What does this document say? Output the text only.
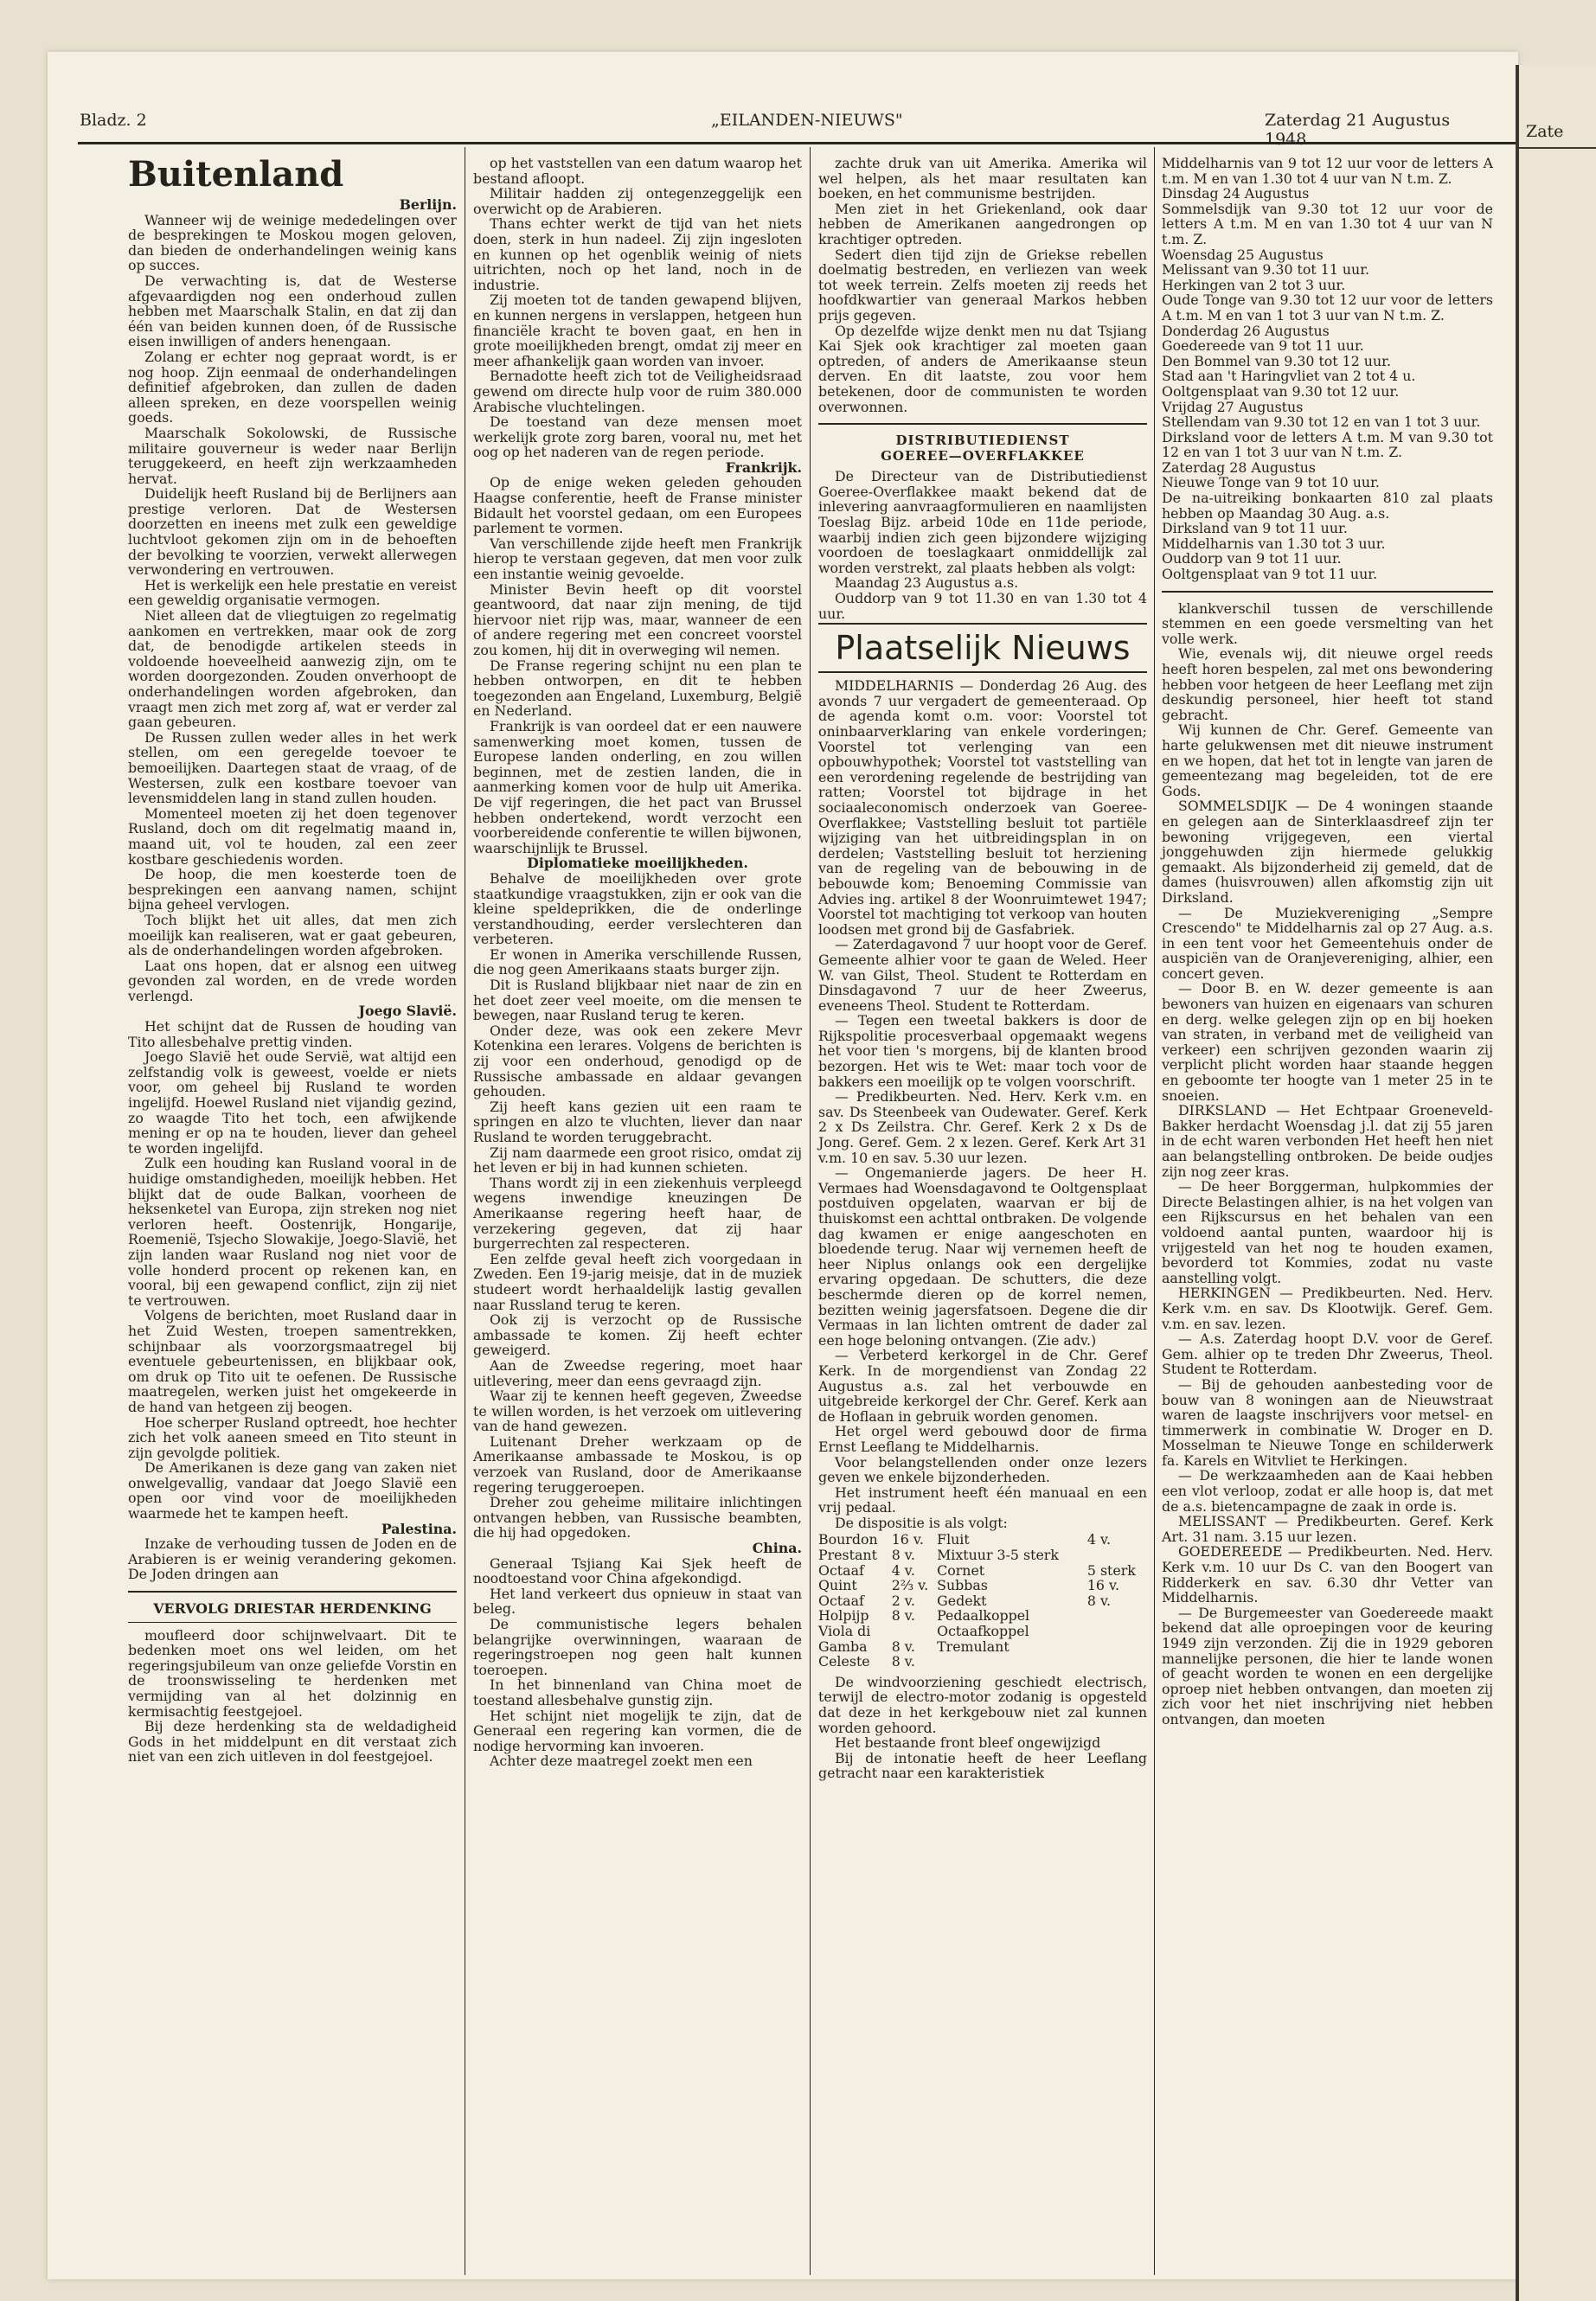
Zate
Bladz. 2	„EILANDEN-NIEUWS"	Zaterdag 21 Augustus 1948

Buitenland

Berlijn.

Wanneer wij de weinige mededelingen over de besprekingen te Moskou mogen geloven, dan bieden de onderhandelingen weinig kans op succes.

De verwachting is, dat de Westerse afgevaardigden nog een onderhoud zullen hebben met Maarschalk Stalin, en dat zij dan één van beiden kunnen doen, óf de Russische eisen inwilligen of anders henengaan.

Zolang er echter nog gepraat wordt, is er nog hoop. Zijn eenmaal de onderhandelingen definitief afgebroken, dan zullen de daden alleen spreken, en deze voorspellen weinig goeds.

Maarschalk Sokolowski, de Russische militaire gouverneur is weder naar Berlijn teruggekeerd, en heeft zijn werkzaamheden hervat.

Duidelijk heeft Rusland bij de Berlijners aan prestige verloren. Dat de Westersen doorzetten en ineens met zulk een geweldige luchtvloot gekomen zijn om in de behoeften der bevolking te voorzien, verwekt allerwegen verwondering en vertrouwen.

Het is werkelijk een hele prestatie en vereist een geweldig organisatie vermogen.

Niet alleen dat de vliegtuigen zo regelmatig aankomen en vertrekken, maar ook de zorg dat, de benodigde artikelen steeds in voldoende hoeveelheid aanwezig zijn, om te worden doorgezonden. Zouden onverhoopt de onderhandelingen worden afgebroken, dan vraagt men zich met zorg af, wat er verder zal gaan gebeuren.

De Russen zullen weder alles in het werk stellen, om een geregelde toevoer te bemoeilijken. Daartegen staat de vraag, of de Westersen, zulk een kostbare toevoer van levensmiddelen lang in stand zullen houden.

Momenteel moeten zij het doen tegenover Rusland, doch om dit regelmatig maand in, maand uit, vol te houden, zal een zeer kostbare geschiedenis worden.

De hoop, die men koesterde toen de besprekingen een aanvang namen, schijnt bijna geheel vervlogen.

Toch blijkt het uit alles, dat men zich moeilijk kan realiseren, wat er gaat gebeuren, als de onderhandelingen worden afgebroken.

Laat ons hopen, dat er alsnog een uitweg gevonden zal worden, en de vrede worden verlengd.

Joego Slavië.

Het schijnt dat de Russen de houding van Tito allesbehalve prettig vinden.

Joego Slavië het oude Servië, wat altijd een zelfstandig volk is geweest, voelde er niets voor, om geheel bij Rusland te worden ingelijfd. Hoewel Rusland niet vijandig gezind, zo waagde Tito het toch, een afwijkende mening er op na te houden, liever dan geheel te worden ingelijfd.

Zulk een houding kan Rusland vooral in de huidige omstandigheden, moeilijk hebben. Het blijkt dat de oude Balkan, voorheen de heksenketel van Europa, zijn streken nog niet verloren heeft. Oostenrijk, Hongarije, Roemenië, Tsjecho Slowakije, Joego-Slavië, het zijn landen waar Rusland nog niet voor de volle honderd procent op rekenen kan, en vooral, bij een gewapend conflict, zijn zij niet te vertrouwen.

Volgens de berichten, moet Rusland daar in het Zuid Westen, troepen samentrekken, schijnbaar als voorzorgsmaatregel bij eventuele gebeurtenissen, en blijkbaar ook, om druk op Tito uit te oefenen. De Russische maatregelen, werken juist het omgekeerde in de hand van hetgeen zij beogen.

Hoe scherper Rusland optreedt, hoe hechter zich het volk aaneen smeed en Tito steunt in zijn gevolgde politiek.

De Amerikanen is deze gang van zaken niet onwelgevallig, vandaar dat Joego Slavië een open oor vind voor de moeilijkheden waarmede het te kampen heeft.

Palestina.

Inzake de verhouding tussen de Joden en de Arabieren is er weinig verandering gekomen. De Joden dringen aan

VERVOLG DRIESTAR HERDENKING

moufleerd door schijnwelvaart. Dit te bedenken moet ons wel leiden, om het regeringsjubileum van onze geliefde Vorstin en de troonswisseling te herdenken met vermijding van al het dolzinnig en kermisachtig feestgejoel.

Bij deze herdenking sta de weldadigheid Gods in het middelpunt en dit verstaat zich niet van een zich uitleven in dol feestgejoel.

op het vaststellen van een datum waarop het bestand afloopt.

Militair hadden zij ontegenzeggelijk een overwicht op de Arabieren.

Thans echter werkt de tijd van het niets doen, sterk in hun nadeel. Zij zijn ingesloten en kunnen op het ogenblik weinig of niets uitrichten, noch op het land, noch in de industrie.

Zij moeten tot de tanden gewapend blijven, en kunnen nergens in verslappen, hetgeen hun financiële kracht te boven gaat, en hen in grote moeilijkheden brengt, omdat zij meer en meer afhankelijk gaan worden van invoer.

Bernadotte heeft zich tot de Veiligheidsraad gewend om directe hulp voor de ruim 380.000 Arabische vluchtelingen.

De toestand van deze mensen moet werkelijk grote zorg baren, vooral nu, met het oog op het naderen van de regen periode.

Frankrijk.

Op de enige weken geleden gehouden Haagse conferentie, heeft de Franse minister Bidault het voorstel gedaan, om een Europees parlement te vormen.

Van verschillende zijde heeft men Frankrijk hierop te verstaan gegeven, dat men voor zulk een instantie weinig gevoelde.

Minister Bevin heeft op dit voorstel geantwoord, dat naar zijn mening, de tijd hiervoor niet rijp was, maar, wanneer de een of andere regering met een concreet voorstel zou komen, hij dit in overweging wil nemen.

De Franse regering schijnt nu een plan te hebben ontworpen, en dit te hebben toegezonden aan Engeland, Luxemburg, België en Nederland.

Frankrijk is van oordeel dat er een nauwere samenwerking moet komen, tussen de Europese landen onderling, en zou willen beginnen, met de zestien landen, die in aanmerking komen voor de hulp uit Amerika. De vijf regeringen, die het pact van Brussel hebben ondertekend, wordt verzocht een voorbereidende conferentie te willen bijwonen, waarschijnlijk te Brussel.

Diplomatieke moeilijkheden.

Behalve de moeilijkheden over grote staatkundige vraagstukken, zijn er ook van die kleine speldeprikken, die de onderlinge verstandhouding, eerder verslechteren dan verbeteren.

Er wonen in Amerika verschillende Russen, die nog geen Amerikaans staats burger zijn.

Dit is Rusland blijkbaar niet naar de zin en het doet zeer veel moeite, om die mensen te bewegen, naar Rusland terug te keren.

Onder deze, was ook een zekere Mevr Kotenkina een lerares. Volgens de berichten is zij voor een onderhoud, genodigd op de Russische ambassade en aldaar gevangen gehouden.

Zij heeft kans gezien uit een raam te springen en alzo te vluchten, liever dan naar Rusland te worden teruggebracht.

Zij nam daarmede een groot risico, omdat zij het leven er bij in had kunnen schieten.

Thans wordt zij in een ziekenhuis verpleegd wegens inwendige kneuzingen De Amerikaanse regering heeft haar, de verzekering gegeven, dat zij haar burgerrechten zal respecteren.

Een zelfde geval heeft zich voorgedaan in Zweden. Een 19-jarig meisje, dat in de muziek studeert wordt herhaaldelijk lastig gevallen naar Russland terug te keren.

Ook zij is verzocht op de Russische ambassade te komen. Zij heeft echter geweigerd.

Aan de Zweedse regering, moet haar uitlevering, meer dan eens gevraagd zijn.

Waar zij te kennen heeft gegeven, Zweedse te willen worden, is het verzoek om uitlevering van de hand gewezen.

Luitenant Dreher werkzaam op de Amerikaanse ambassade te Moskou, is op verzoek van Rusland, door de Amerikaanse regering teruggeroepen.

Dreher zou geheime militaire inlichtingen ontvangen hebben, van Russische beambten, die hij had opgedoken.

China.

Generaal Tsjiang Kai Sjek heeft de noodtoestand voor China afgekondigd.

Het land verkeert dus opnieuw in staat van beleg.

De communistische legers behalen belangrijke overwinningen, waaraan de regeringstroepen nog geen halt kunnen toeroepen.

In het binnenland van China moet de toestand allesbehalve gunstig zijn.

Het schijnt niet mogelijk te zijn, dat de Generaal een regering kan vormen, die de nodige hervorming kan invoeren.

Achter deze maatregel zoekt men een

zachte druk van uit Amerika. Amerika wil wel helpen, als het maar resultaten kan boeken, en het communisme bestrijden.

Men ziet in het Griekenland, ook daar hebben de Amerikanen aangedrongen op krachtiger optreden.

Sedert dien tijd zijn de Griekse rebellen doelmatig bestreden, en verliezen van week tot week terrein. Zelfs moeten zij reeds het hoofdkwartier van generaal Markos hebben prijs gegeven.

Op dezelfde wijze denkt men nu dat Tsjiang Kai Sjek ook krachtiger zal moeten gaan optreden, of anders de Amerikaanse steun derven. En dit laatste, zou voor hem betekenen, door de communisten te worden overwonnen.

DISTRIBUTIEDIENST

GOEREE—OVERFLAKKEE

De Directeur van de Distributiedienst Goeree-Overflakkee maakt bekend dat de inlevering aanvraagformulieren en naamlijsten Toeslag Bijz. arbeid 10de en 11de periode, waarbij indien zich geen bijzondere wijziging voordoen de toeslagkaart onmiddellijk zal worden verstrekt, zal plaats hebben als volgt:

Maandag 23 Augustus a.s.

Ouddorp van 9 tot 11.30 en van 1.30 tot 4 uur.

Plaatselijk Nieuws

MIDDELHARNIS — Donderdag 26 Aug. des avonds 7 uur vergadert de gemeenteraad. Op de agenda komt o.m. voor: Voorstel tot oninbaarverklaring van enkele vorderingen; Voorstel tot verlenging van een opbouwhypothek; Voorstel tot vaststelling van een verordening regelende de bestrijding van ratten; Voorstel tot bijdrage in het sociaaleconomisch onderzoek van Goeree-Overflakkee; Vaststelling besluit tot partiële wijziging van het uitbreidingsplan in on derdelen; Vaststelling besluit tot herziening van de regeling van de bebouwing in de bebouwde kom; Benoeming Commissie van Advies ing. artikel 8 der Woonruimtewet 1947; Voorstel tot machtiging tot verkoop van houten loodsen met grond bij de Gasfabriek.

— Zaterdagavond 7 uur hoopt voor de Geref. Gemeente alhier voor te gaan de Weled. Heer W. van Gilst, Theol. Student te Rotterdam en Dinsdagavond 7 uur de heer Zweerus, eveneens Theol. Student te Rotterdam.

— Tegen een tweetal bakkers is door de Rijkspolitie procesverbaal opgemaakt wegens het voor tien 's morgens, bij de klanten brood bezorgen. Het wis te Wet: maar toch voor de bakkers een moeilijk op te volgen voorschrift.

— Predikbeurten. Ned. Herv. Kerk v.m. en sav. Ds Steenbeek van Oudewater. Geref. Kerk 2 x Ds Zeilstra. Chr. Geref. Kerk 2 x Ds de Jong. Geref. Gem. 2 x lezen. Geref. Kerk Art 31 v.m. 10 en sav. 5.30 uur lezen.

— Ongemanierde jagers. De heer H. Vermaes had Woensdagavond te Ooltgensplaat postduiven opgelaten, waarvan er bij de thuiskomst een achttal ontbraken. De volgende dag kwamen er enige aangeschoten en bloedende terug. Naar wij vernemen heeft de heer Niplus onlangs ook een dergelijke ervaring opgedaan. De schutters, die deze beschermde dieren op de korrel nemen, bezitten weinig jagersfatsoen. Degene die dir Vermaas in lan lichten omtrent de dader zal een hoge beloning ontvangen. (Zie adv.)

— Verbeterd kerkorgel in de Chr. Geref Kerk. In de morgendienst van Zondag 22 Augustus a.s. zal het verbouwde en uitgebreide kerkorgel der Chr. Geref. Kerk aan de Hoflaan in gebruik worden genomen.

Het orgel werd gebouwd door de firma Ernst Leeflang te Middelharnis.

Voor belangstellenden onder onze lezers geven we enkele bijzonderheden.

Het instrument heeft één manuaal en een vrij pedaal.

De dispositie is als volgt:

Bourdon	16 v.	Fluit	4 v.
Prestant	8 v.	Mixtuur 3-5 sterk	
Octaaf	4 v.	Cornet	5 sterk
Quint	2⅔ v.	Subbas	16 v.
Octaaf	2 v.	Gedekt	8 v.
Holpijp	8 v.	Pedaalkoppel	
Viola di		Octaafkoppel	
Gamba	8 v.	Tremulant	
Celeste	8 v.		

De windvoorziening geschiedt electrisch, terwijl de electro-motor zodanig is opgesteld dat deze in het kerkgebouw niet zal kunnen worden gehoord.

Het bestaande front bleef ongewijzigd

Bij de intonatie heeft de heer Leeflang getracht naar een karakteristiek

Middelharnis van 9 tot 12 uur voor de letters A t.m. M en van 1.30 tot 4 uur van N t.m. Z.

Dinsdag 24 Augustus

Sommelsdijk van 9.30 tot 12 uur voor de letters A t.m. M en van 1.30 tot 4 uur van N t.m. Z.

Woensdag 25 Augustus

Melissant van 9.30 tot 11 uur.

Herkingen van 2 tot 3 uur.

Oude Tonge van 9.30 tot 12 uur voor de letters A t.m. M en van 1 tot 3 uur van N t.m. Z.

Donderdag 26 Augustus

Goedereede van 9 tot 11 uur.

Den Bommel van 9.30 tot 12 uur.

Stad aan 't Haringvliet van 2 tot 4 u.

Ooltgensplaat van 9.30 tot 12 uur.

Vrijdag 27 Augustus

Stellendam van 9.30 tot 12 en van 1 tot 3 uur.

Dirksland voor de letters A t.m. M van 9.30 tot 12 en van 1 tot 3 uur van N t.m. Z.

Zaterdag 28 Augustus

Nieuwe Tonge van 9 tot 10 uur.

De na-uitreiking bonkaarten 810 zal plaats hebben op Maandag 30 Aug. a.s.

Dirksland van 9 tot 11 uur.

Middelharnis van 1.30 tot 3 uur.

Ouddorp van 9 tot 11 uur.

Ooltgensplaat van 9 tot 11 uur.

klankverschil tussen de verschillende stemmen en een goede versmelting van het volle werk.

Wie, evenals wij, dit nieuwe orgel reeds heeft horen bespelen, zal met ons bewondering hebben voor hetgeen de heer Leeflang met zijn deskundig personeel, hier heeft tot stand gebracht.

Wij kunnen de Chr. Geref. Gemeente van harte gelukwensen met dit nieuwe instrument en we hopen, dat het tot in lengte van jaren de gemeentezang mag begeleiden, tot de ere Gods.

SOMMELSDIJK — De 4 woningen staande en gelegen aan de Sinterklaasdreef zijn ter bewoning vrijgegeven, een viertal jonggehuwden zijn hiermede gelukkig gemaakt. Als bijzonderheid zij gemeld, dat de dames (huisvrouwen) allen afkomstig zijn uit Dirksland.

— De Muziekvereniging „Sempre Crescendo" te Middelharnis zal op 27 Aug. a.s. in een tent voor het Gemeentehuis onder de auspiciën van de Oranjevereniging, alhier, een concert geven.

— Door B. en W. dezer gemeente is aan bewoners van huizen en eigenaars van schuren en derg. welke gelegen zijn op en bij hoeken van straten, in verband met de veiligheid van verkeer) een schrijven gezonden waarin zij verplicht plicht worden haar staande heggen en geboomte ter hoogte van 1 meter 25 in te snoeien.

DIRKSLAND — Het Echtpaar Groeneveld-Bakker herdacht Woensdag j.l. dat zij 55 jaren in de echt waren verbonden Het heeft hen niet aan belangstelling ontbroken. De beide oudjes zijn nog zeer kras.

— De heer Borggerman, hulpkommies der Directe Belastingen alhier, is na het volgen van een Rijkscursus en het behalen van een voldoend aantal punten, waardoor hij is vrijgesteld van het nog te houden examen, bevorderd tot Kommies, zodat nu vaste aanstelling volgt.

HERKINGEN — Predikbeurten. Ned. Herv. Kerk v.m. en sav. Ds Klootwijk. Geref. Gem. v.m. en sav. lezen.

— A.s. Zaterdag hoopt D.V. voor de Geref. Gem. alhier op te treden Dhr Zweerus, Theol. Student te Rotterdam.

— Bij de gehouden aanbesteding voor de bouw van 8 woningen aan de Nieuwstraat waren de laagste inschrijvers voor metsel- en timmerwerk in combinatie W. Droger en D. Mosselman te Nieuwe Tonge en schilderwerk fa. Karels en Witvliet te Herkingen.

— De werkzaamheden aan de Kaai hebben een vlot verloop, zodat er alle hoop is, dat met de a.s. bietencampagne de zaak in orde is.

MELISSANT — Predikbeurten. Geref. Kerk Art. 31 nam. 3.15 uur lezen.

GOEDEREEDE — Predikbeurten. Ned. Herv. Kerk v.m. 10 uur Ds C. van den Boogert van Ridderkerk en sav. 6.30 dhr Vetter van Middelharnis.

— De Burgemeester van Goedereede maakt bekend dat alle oproepingen voor de keuring 1949 zijn verzonden. Zij die in 1929 geboren mannelijke personen, die hier te lande wonen of geacht worden te wonen en een dergelijke oproep niet hebben ontvangen, dan moeten zij zich voor het niet inschrijving niet hebben ontvangen, dan moeten
